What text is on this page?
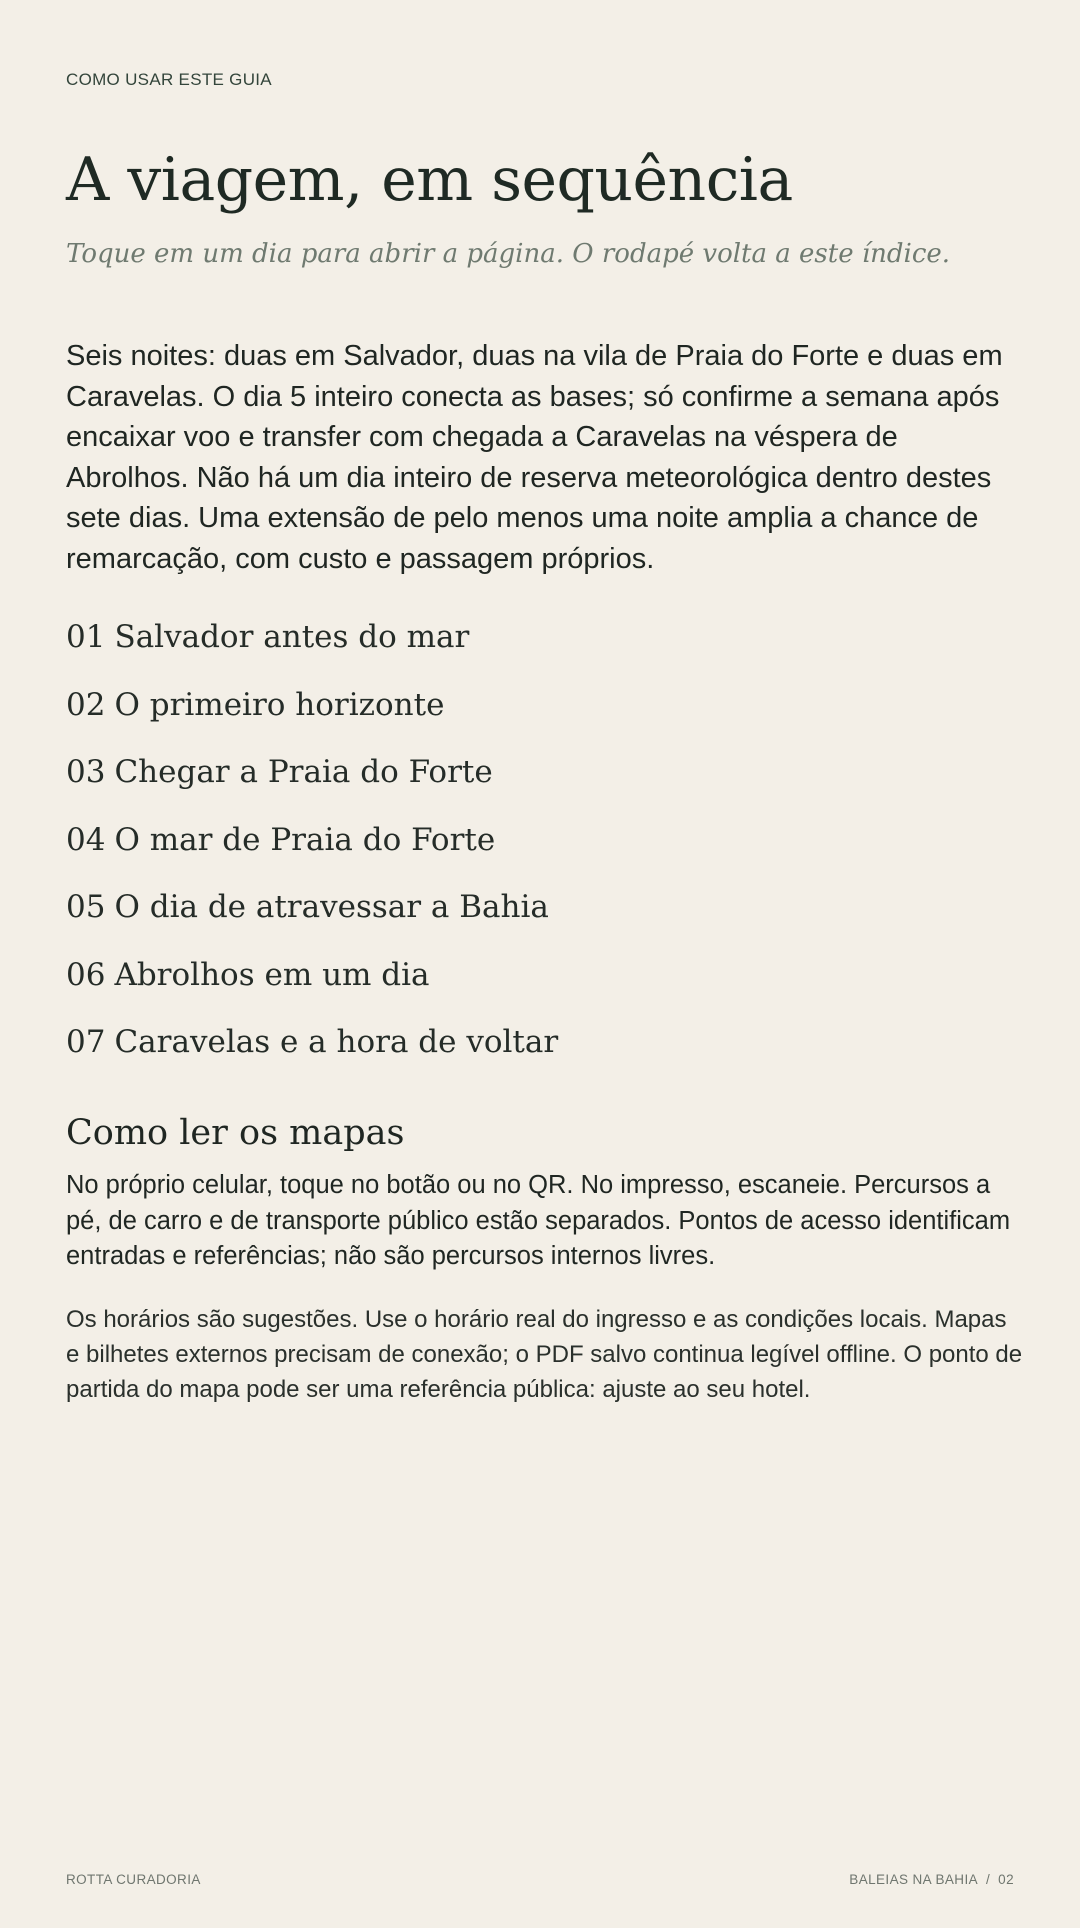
COMO USAR ESTE GUIA
A viagem, em sequência

Toque em um dia para abrir a página. O rodapé volta a este índice.

Seis noites: duas em Salvador, duas na vila de Praia do Forte e duas em Caravelas. O dia 5 inteiro conecta as bases; só confirme a semana após encaixar voo e transfer com chegada a Caravelas na véspera de Abrolhos. Não há um dia inteiro de reserva meteorológica dentro destes sete dias. Uma extensão de pelo menos uma noite amplia a chance de remarcação, com custo e passagem próprios.

01 Salvador antes do mar
02 O primeiro horizonte
03 Chegar a Praia do Forte
04 O mar de Praia do Forte
05 O dia de atravessar a Bahia
06 Abrolhos em um dia
07 Caravelas e a hora de voltar
Como ler os mapas

No próprio celular, toque no botão ou no QR. No impresso, escaneie. Percursos a pé, de carro e de transporte público estão separados. Pontos de acesso identificam entradas e referências; não são percursos internos livres.

Os horários são sugestões. Use o horário real do ingresso e as condições locais. Mapas e bilhetes externos precisam de conexão; o PDF salvo continua legível offline. O ponto de partida do mapa pode ser uma referência pública: ajuste ao seu hotel.

ROTTA CURADORIA	BALEIAS NA BAHIA / 02
